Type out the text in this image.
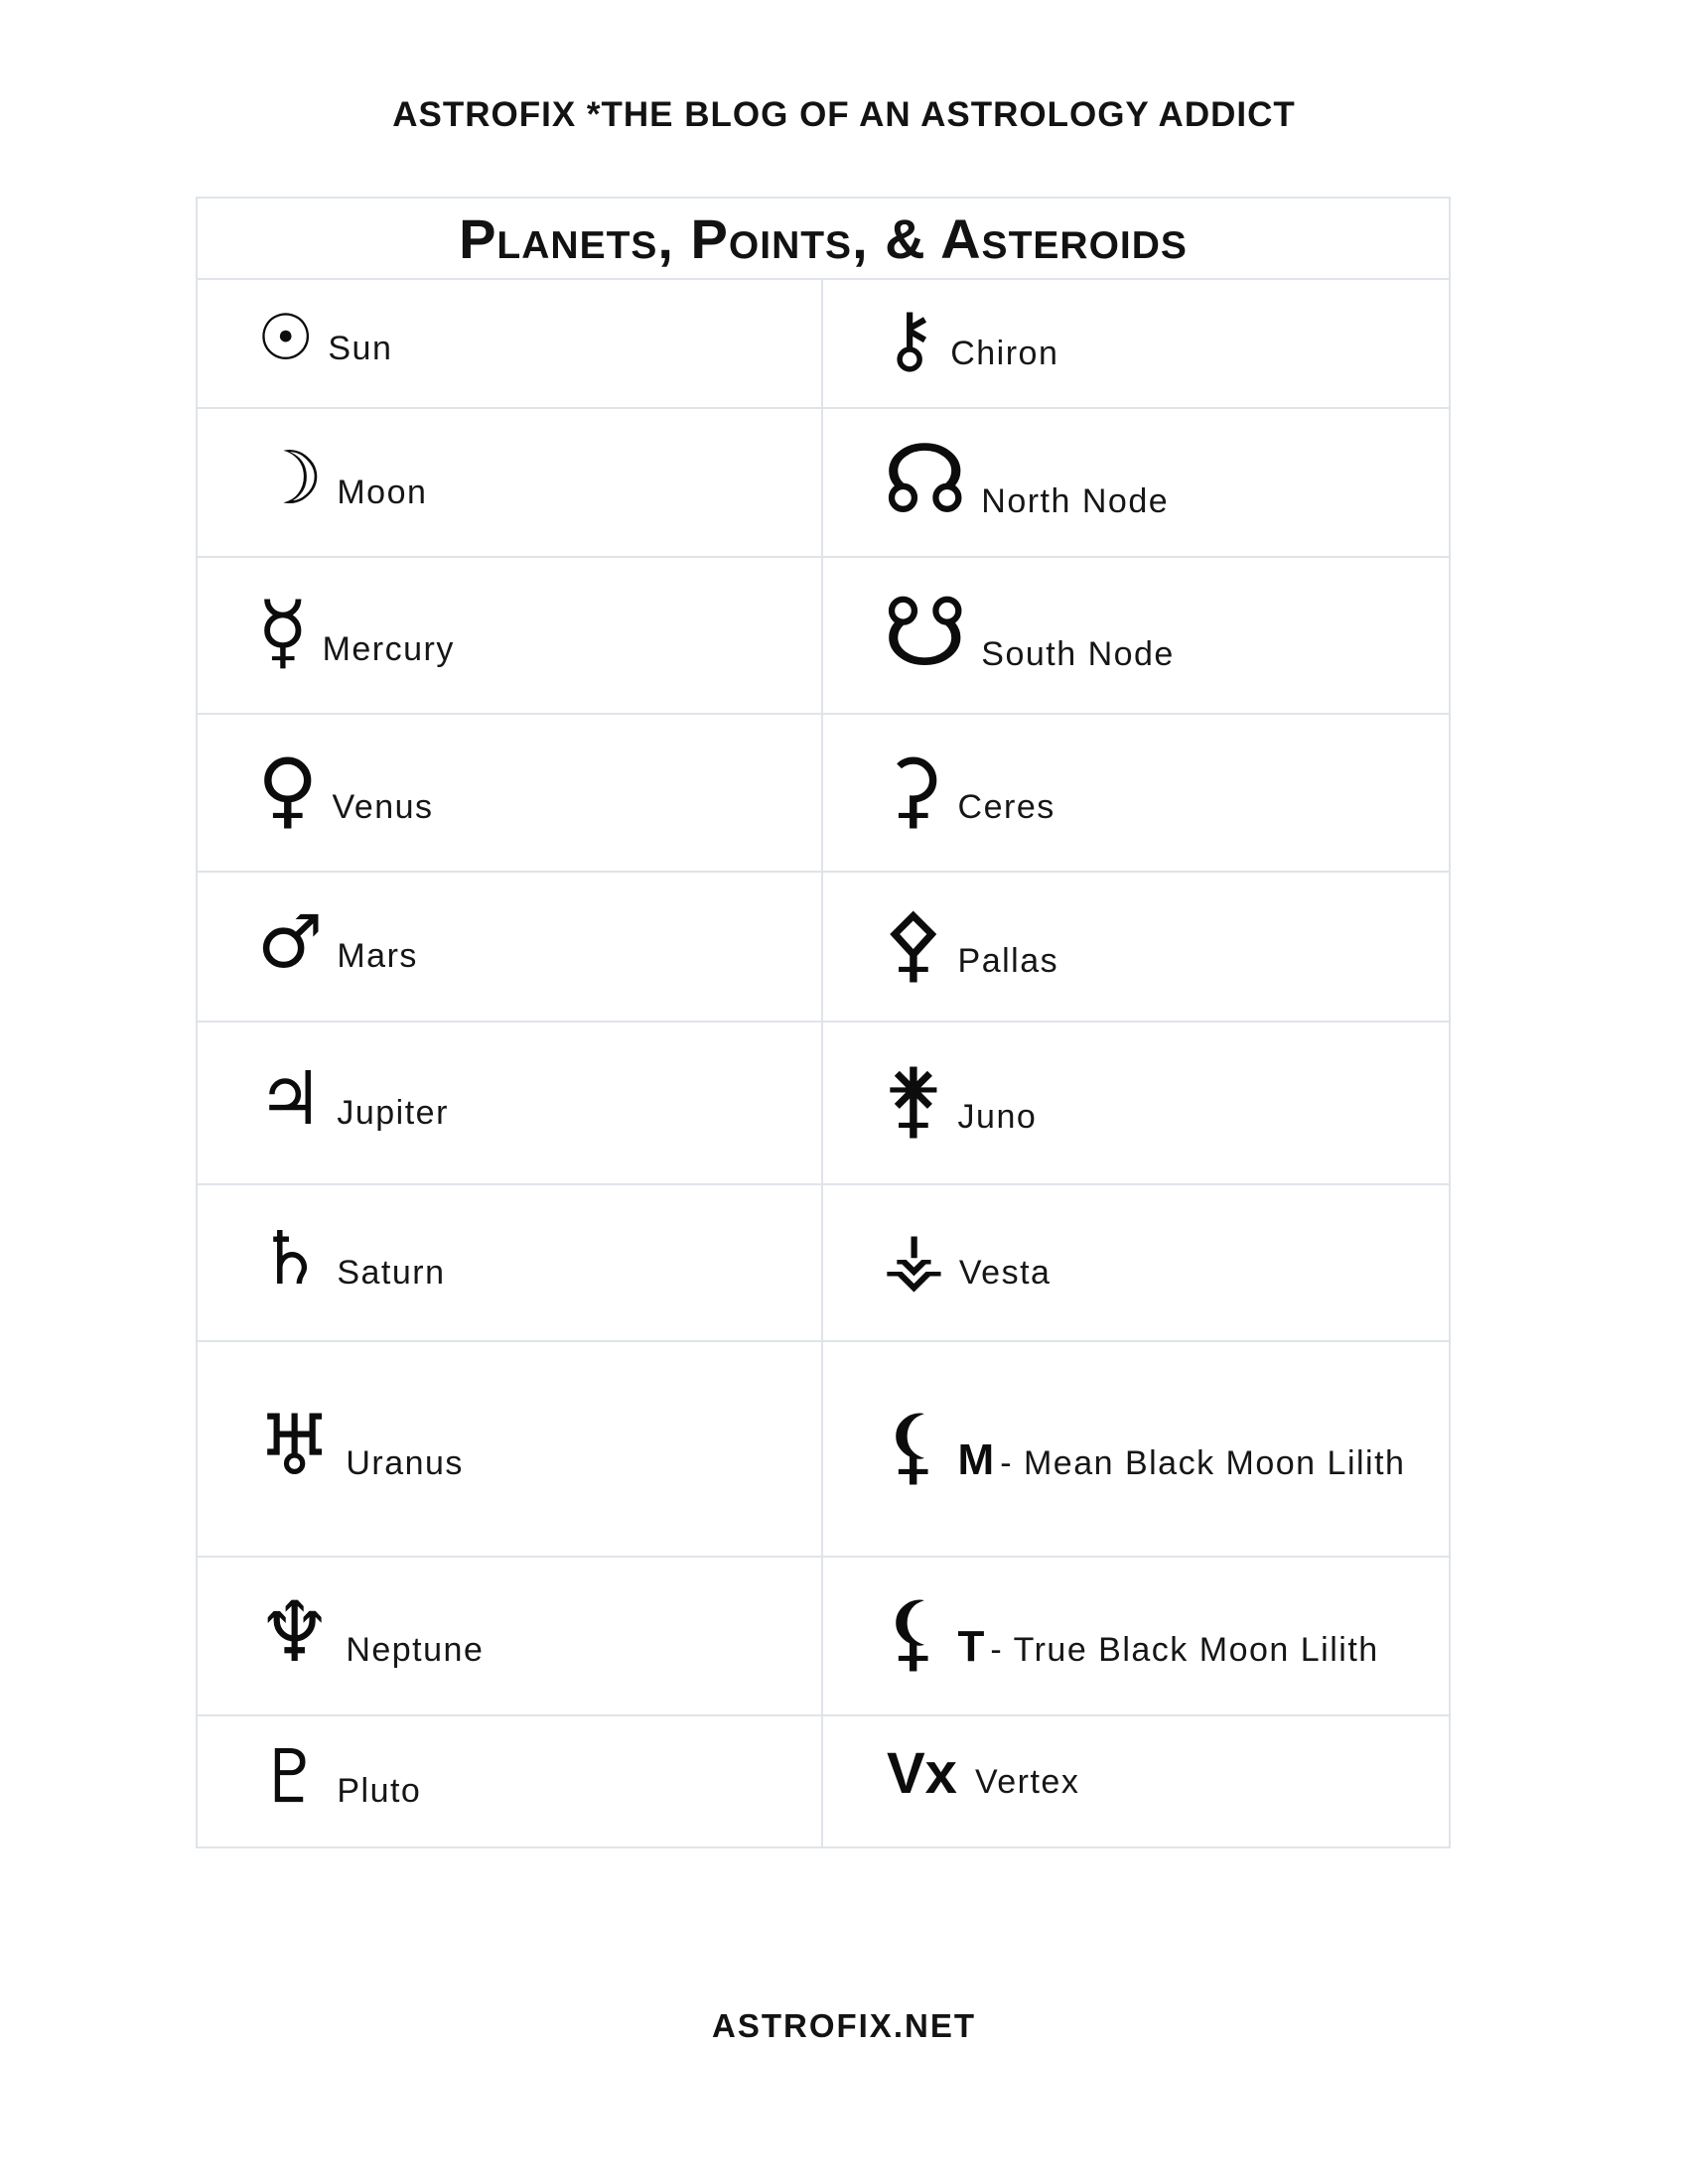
ASTROFIX *THE BLOG OF AN ASTROLOGY ADDICT
Planets, Points, & Asteroids
☉ Sun	⚷ Chiron
☽ Moon	☊ North Node
☿ Mercury	☋ South Node
♀ Venus	⚳ Ceres
♂ Mars	⚴ Pallas
♃ Jupiter	⚵ Juno
♄ Saturn	⚶ Vesta
♅ Uranus	⚸ M - Mean Black Moon Lilith
♆ Neptune	⚸ T - True Black Moon Lilith
♇ Pluto	Vx Vertex
ASTROFIX.NET
